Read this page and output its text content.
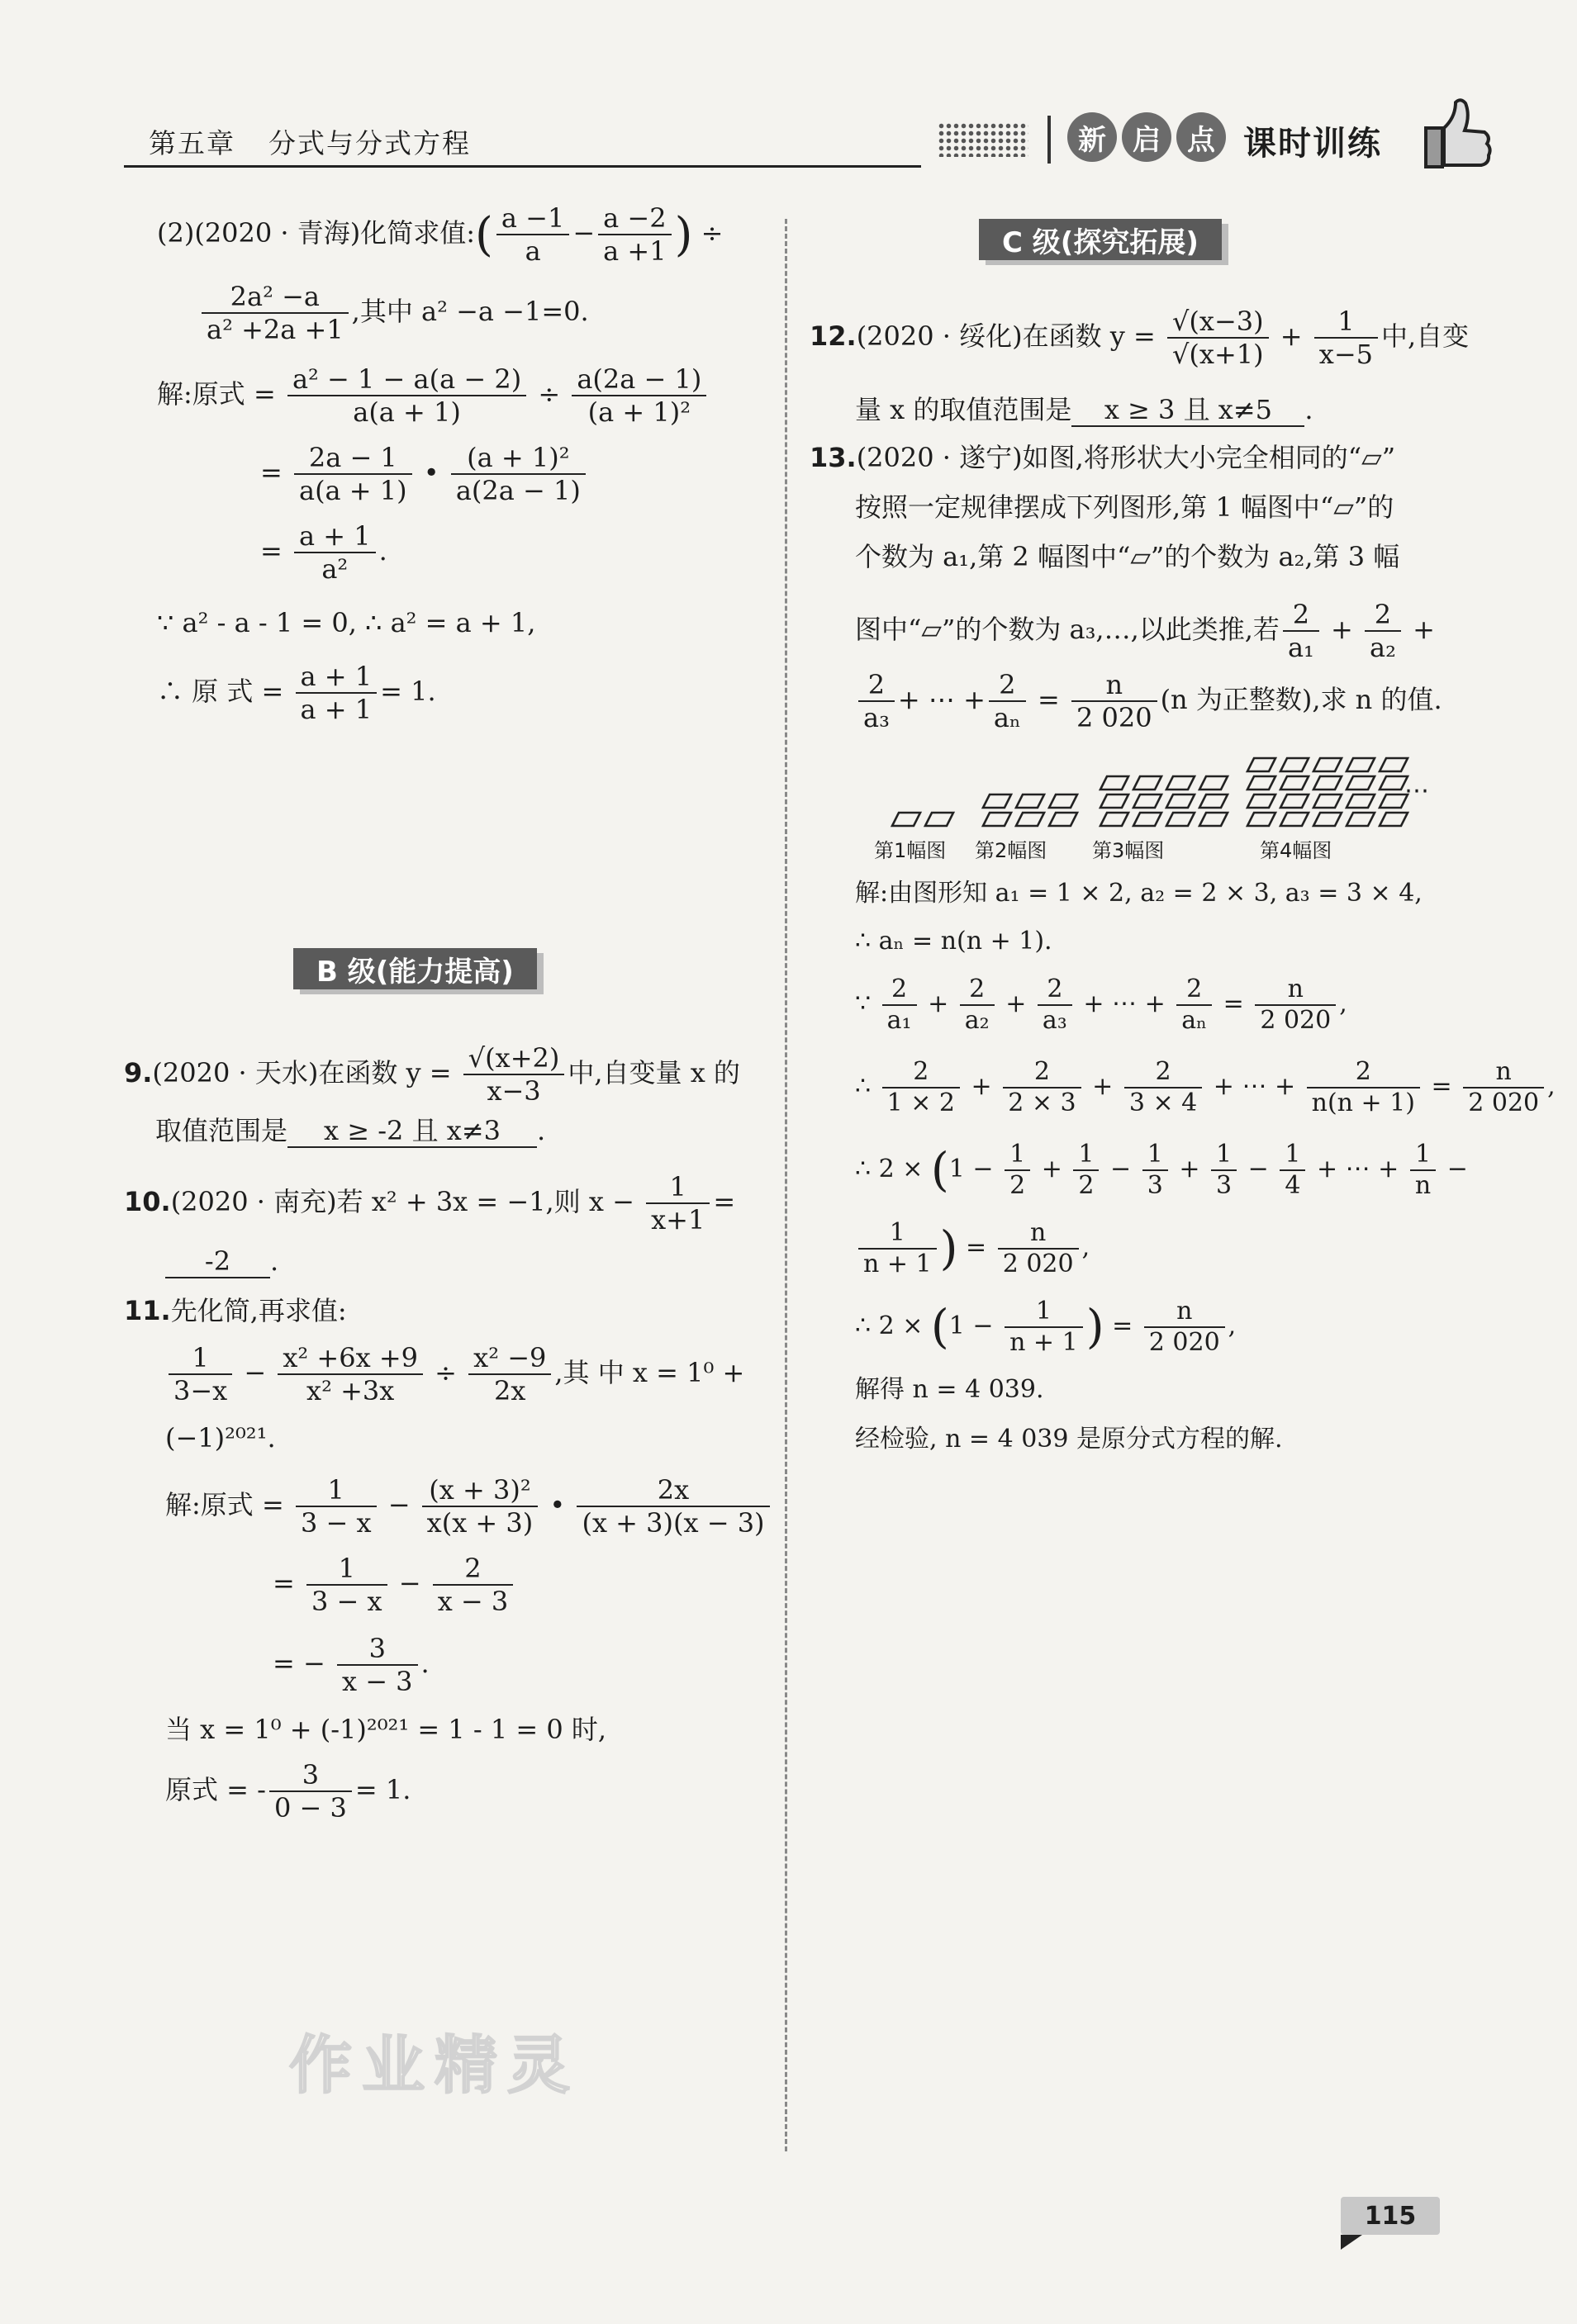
第五章 分式与分式方程	新 启 点 课时训练
(2)(2020 · 青海)化简求值:( $\frac{a -1}{a} - \frac{a -2}{a +1}$ ) ÷
$\frac{\text{2a² −a}}{\text{a² +2a +1}}$ ,其中 a² −a −1=0.
解:原式 = $\frac{\text{a² − 1 − a(a − 2)}}{a(a + 1)} \div \frac{a(2a - 1)}{\text{(a + 1)²}}$
= $\frac{2a - 1}{a(a + 1)}$ • $\frac{\text{(a + 1)²}}{a(2a - 1)}$
= $\frac{a + 1}{\text{a²}}$ .
∵ a² - a - 1 = 0, ∴ a² = a + 1,
∴ 原 式 = $\frac{a + 1}{a + 1} = 1$.
B 级(能力提高)
9.(2020 · 天水)在函数 $y = \frac{√(x+2)}{x-3}$ 中,自变量 x 的
取值范围是 x ≥ -2 且 x≠3 .
10.(2020 · 南充)若 x² + 3x = −1,则 $x - \frac{1}{x+1}$ =
-2 .
11.先化简,再求值:
$\frac{1}{3-x} - \frac{\text{x² +6x +9}}{\text{x² +3x}} \div \frac{\text{x² −9}}{2x}$ ,其 中 x = 1⁰ +
(−1)²⁰²¹.
解:原式 = $\frac{1}{3 - x} - \frac{\text{(x + 3)²}}{x(x + 3)}$ • $\frac{2x}{(x + 3)(x - 3)}$
= $\frac{1}{3 - x} - \frac{2}{x - 3}$
= − $\frac{3}{x - 3}$ .
当 x = 1⁰ + (-1)²⁰²¹ = 1 - 1 = 0 时,
原式 = - $\frac{3}{0 - 3} = 1$.
作业精灵
C 级(探究拓展)
12.(2020 · 绥化)在函数 $y = \frac{√(x-3)}{√(x+1)} + \frac{1}{x-5}$ 中,自变
量 x 的取值范围是 x ≥ 3 且 x≠5 .
13.(2020 · 遂宁)如图,将形状大小完全相同的“▱”
按照一定规律摆成下列图形,第 1 幅图中“▱”的
个数为 a₁,第 2 幅图中“▱”的个数为 a₂,第 3 幅
图中“▱”的个数为 a₃,…,以此类推,若 $\frac{2}{\text{a₁}} + \frac{2}{\text{a₂}}$ +
$\frac{2}{\text{a₃}}$ + ⋯ + $\frac{2}{\text{aₙ}} = \frac{n}{2 020} (n$ 为正整数),求 n 的值.
⋯
第1幅图 第2幅图 第3幅图	第4幅图
解:由图形知 a₁ = 1 × 2, a₂ = 2 × 3, a₃ = 3 × 4,
∴ aₙ = n(n + 1).
∵ $\frac{2}{\text{a₁}} + \frac{2}{\text{a₂}} + \frac{2}{\text{a₃}}$ + ⋯ + $\frac{2}{\text{aₙ}} = \frac{n}{2 020}$ ,
∴ $\frac{2}{1 \times 2} + \frac{2}{2 \times 3} + \frac{2}{3 \times 4}$ + ⋯ + $\frac{2}{n(n + 1)} = \frac{n}{2 020}$ ,
∴ $2 \times (1 - \frac{1}{2} + \frac{1}{2} - \frac{1}{3} + \frac{1}{3} - \frac{1}{4}$ + ⋯ + $\frac{1}{n}$ −
$\frac{1}{n + 1}$ ) = $\frac{n}{2 020}$ ,
∴ $2 \times (1 - \frac{1}{n + 1}$ ) = $\frac{n}{2 020}$ ,
解得 n = 4 039.
经检验, n = 4 039 是原分式方程的解.
115
